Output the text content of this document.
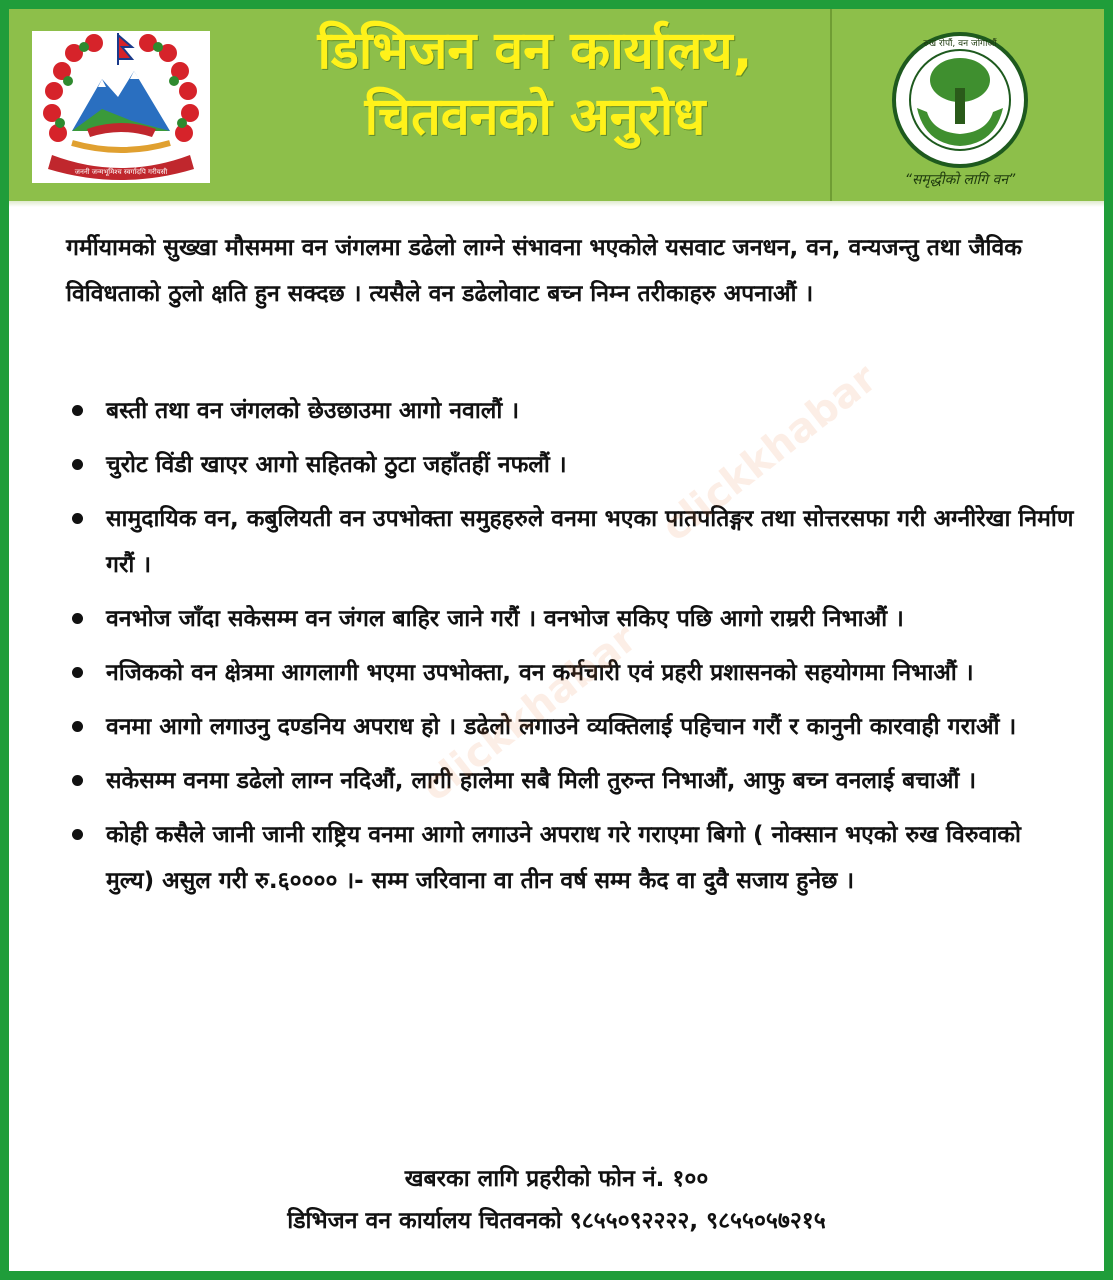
जननी जन्मभूमिश्च स्वर्गादपि गरीयसी
डिभिजन वन कार्यालय,
चितवनको अनुरोध
रुख रोपौं, वन जोगाऔं
“समृद्धीको लागि वन”
गर्मीयामको सुख्खा मौसममा वन जंगलमा डढेलो लाग्ने संभावना भएकोले यसवाट जनधन, वन, वन्यजन्तु तथा जैविक विविधताको ठुलो क्षति हुन सक्दछ । त्यसैले वन डढेलोवाट बच्न निम्न तरीकाहरु अपनाऔं ।
बस्ती तथा वन जंगलको छेउछाउमा आगो नवालौं ।
चुरोट विंडी खाएर आगो सहितको ठुटा जहाँतहीं नफलौं ।
सामुदायिक वन, कबुलियती वन उपभोक्ता समुहहरुले वनमा भएका पातपतिङ्गर तथा सोत्तरसफा गरी अग्नीरेखा निर्माण गरौं ।
वनभोज जाँदा सकेसम्म वन जंगल बाहिर जाने गरौं । वनभोज सकिए पछि आगो राम्ररी निभाऔं ।
नजिकको वन क्षेत्रमा आगलागी भएमा उपभोक्ता, वन कर्मचारी एवं प्रहरी प्रशासनको सहयोगमा निभाऔं ।
वनमा आगो लगाउनु दण्डनिय अपराध हो । डढेलो लगाउने व्यक्तिलाई पहिचान गरौं र कानुनी कारवाही गराऔं ।
सकेसम्म वनमा डढेलो लाग्न नदिऔं, लागी हालेमा सबै मिली तुरुन्त निभाऔं, आफु बच्न वनलाई बचाऔं ।
कोही कसैले जानी जानी राष्ट्रिय वनमा आगो लगाउने अपराध गरे गराएमा बिगो ( नोक्सान भएको रुख विरुवाको मुल्य) असुल गरी रु.६०००० ।- सम्म जरिवाना वा तीन वर्ष सम्म कैद वा दुवै सजाय हुनेछ ।
खबरका लागि प्रहरीको फोन नं. १००
डिभिजन वन कार्यालय चितवनको ९८५५०९२२२२, ९८५५०५७२१५
clickkhabar
clickkhabar
